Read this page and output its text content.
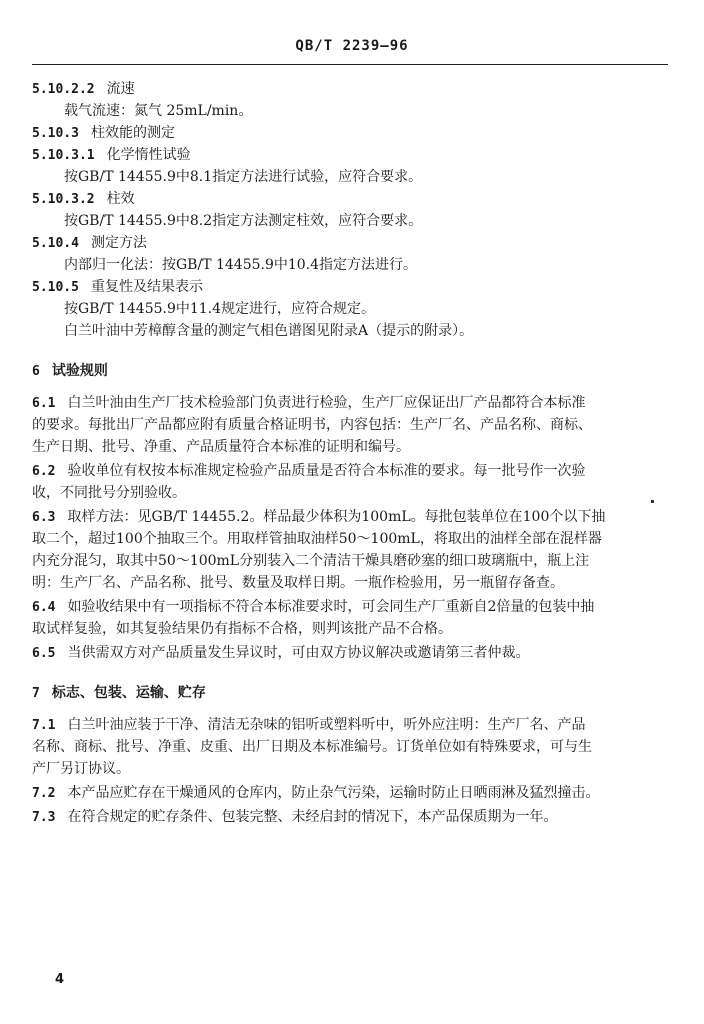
QB/T 2239—96
5.10.2.2 流速
载气流速：氮气 25mL/min。
5.10.3 柱效能的测定
5.10.3.1 化学惰性试验
按GB/T 14455.9中8.1指定方法进行试验，应符合要求。
5.10.3.2 柱效
按GB/T 14455.9中8.2指定方法测定柱效，应符合要求。
5.10.4 测定方法
内部归一化法：按GB/T 14455.9中10.4指定方法进行。
5.10.5 重复性及结果表示
按GB/T 14455.9中11.4规定进行，应符合规定。
白兰叶油中芳樟醇含量的测定气相色谱图见附录A（提示的附录）。
6 试验规则
6.1 白兰叶油由生产厂技术检验部门负责进行检验，生产厂应保证出厂产品都符合本标准
的要求。每批出厂产品都应附有质量合格证明书，内容包括：生产厂名、产品名称、商标、
生产日期、批号、净重、产品质量符合本标准的证明和编号。
6.2 验收单位有权按本标准规定检验产品质量是否符合本标准的要求。每一批号作一次验
收，不同批号分别验收。
6.3 取样方法：见GB/T 14455.2。样品最少体积为100mL。每批包装单位在100个以下抽
取二个，超过100个抽取三个。用取样管抽取油样50～100mL，将取出的油样全部在混样器
内充分混匀，取其中50～100mL分别装入二个清洁干燥具磨砂塞的细口玻璃瓶中，瓶上注
明：生产厂名、产品名称、批号、数量及取样日期。一瓶作检验用，另一瓶留存备查。
6.4 如验收结果中有一项指标不符合本标准要求时，可会同生产厂重新自2倍量的包装中抽
取试样复验，如其复验结果仍有指标不合格，则判该批产品不合格。
6.5 当供需双方对产品质量发生异议时，可由双方协议解决或邀请第三者仲裁。
7 标志、包装、运输、贮存
7.1 白兰叶油应装于干净、清洁无杂味的铝听或塑料听中，听外应注明：生产厂名、产品
名称、商标、批号、净重、皮重、出厂日期及本标准编号。订货单位如有特殊要求，可与生
产厂另订协议。
7.2 本产品应贮存在干燥通风的仓库内，防止杂气污染，运输时防止日晒雨淋及猛烈撞击。
7.3 在符合规定的贮存条件、包装完整、未经启封的情况下，本产品保质期为一年。
4
